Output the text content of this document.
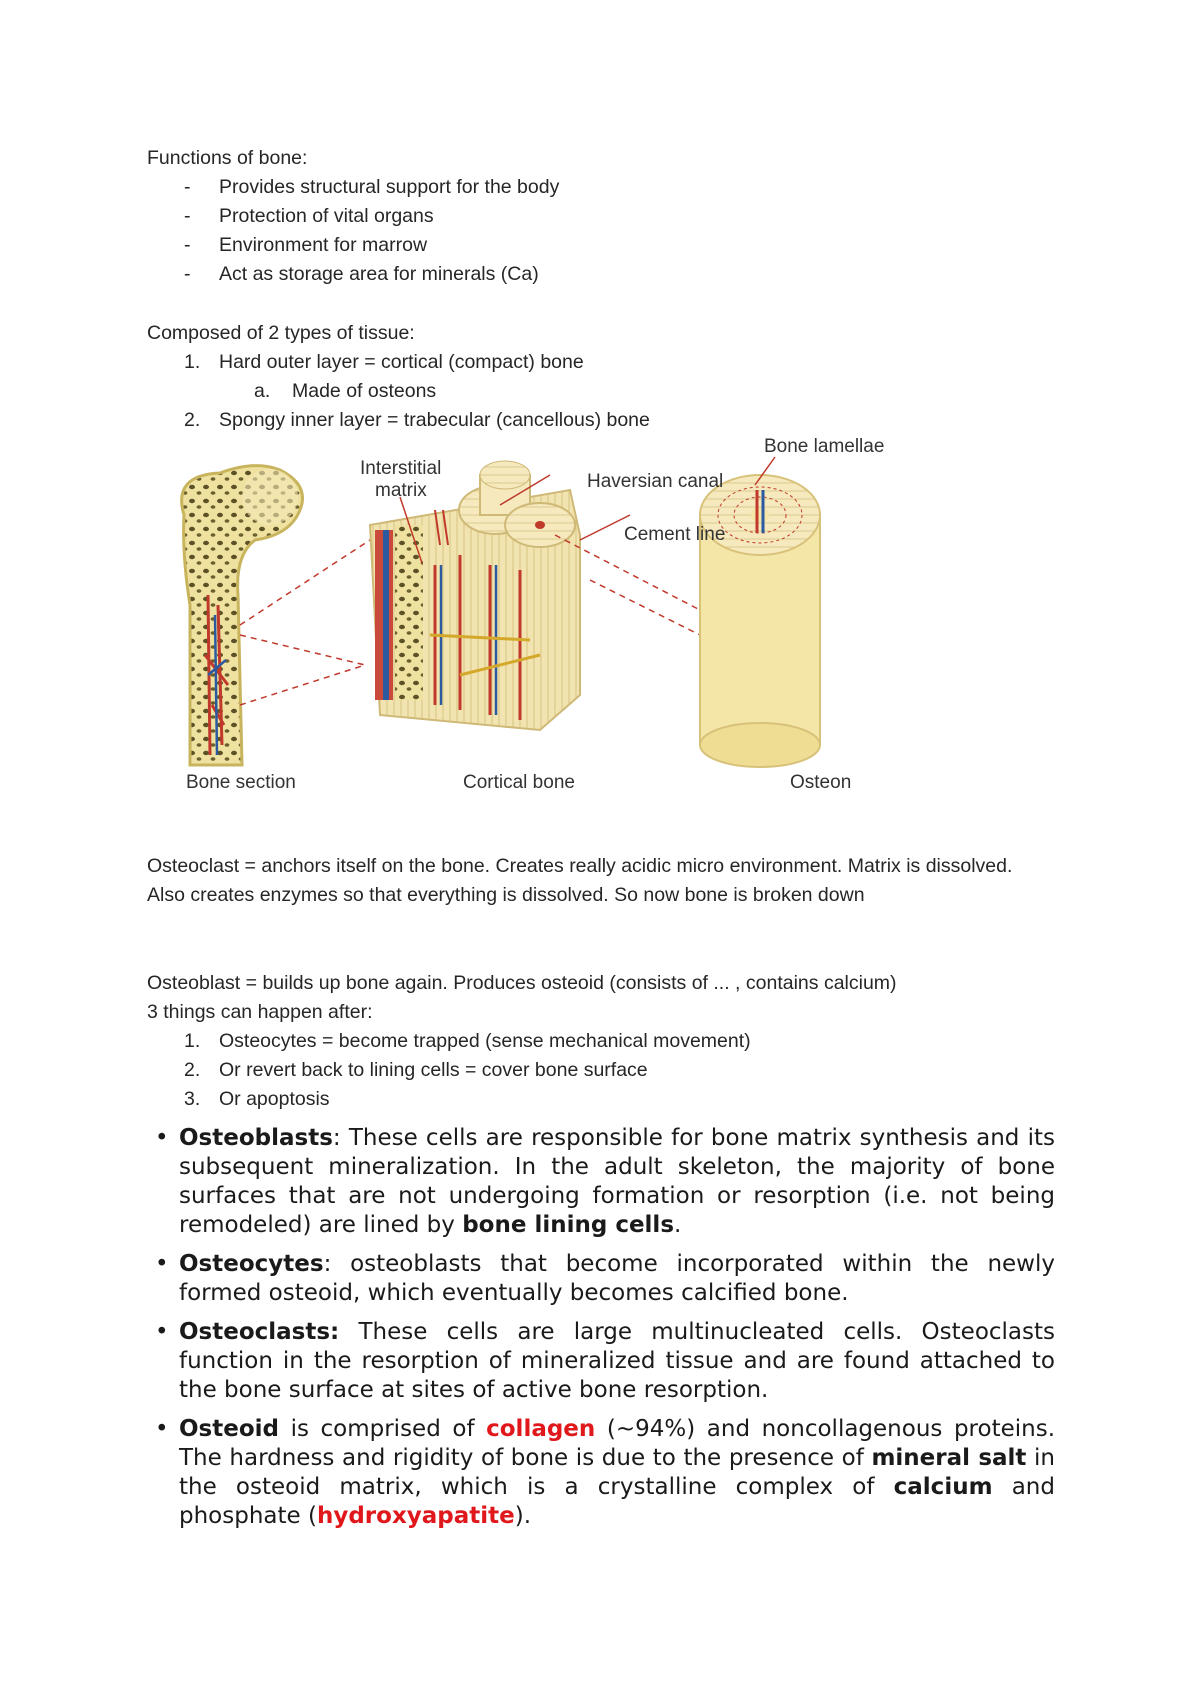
Functions of bone:
- Provides structural support for the body
- Protection of vital organs
- Environment for marrow
- Act as storage area for minerals (Ca)
Composed of 2 types of tissue:
1. Hard outer layer = cortical (compact) bone
a. Made of osteons
2. Spongy inner layer = trabecular (cancellous) bone
Interstitial
matrix	Haversian canal
Bone lamellae
Cement line
Bone section	Cortical bone	Osteon
Osteoclast = anchors itself on the bone. Creates really acidic micro environment. Matrix is dissolved. Also creates enzymes so that everything is dissolved. So now bone is broken down
Osteoblast = builds up bone again. Produces osteoid (consists of ... , contains calcium)
3 things can happen after:
1. Osteocytes = become trapped (sense mechanical movement)
2. Or revert back to lining cells = cover bone surface
3. Or apoptosis
• Osteoblasts: These cells are responsible for bone matrix synthesis and its subsequent mineralization. In the adult skeleton, the majority of bone surfaces that are not undergoing formation or resorption (i.e. not being remodeled) are lined by bone lining cells.
• Osteocytes: osteoblasts that become incorporated within the newly formed osteoid, which eventually becomes calcified bone.
• Osteoclasts: These cells are large multinucleated cells. Osteoclasts function in the resorption of mineralized tissue and are found attached to the bone surface at sites of active bone resorption.
• Osteoid is comprised of collagen (~94%) and noncollagenous proteins. The hardness and rigidity of bone is due to the presence of mineral salt in the osteoid matrix, which is a crystalline complex of calcium and phosphate (hydroxyapatite).
